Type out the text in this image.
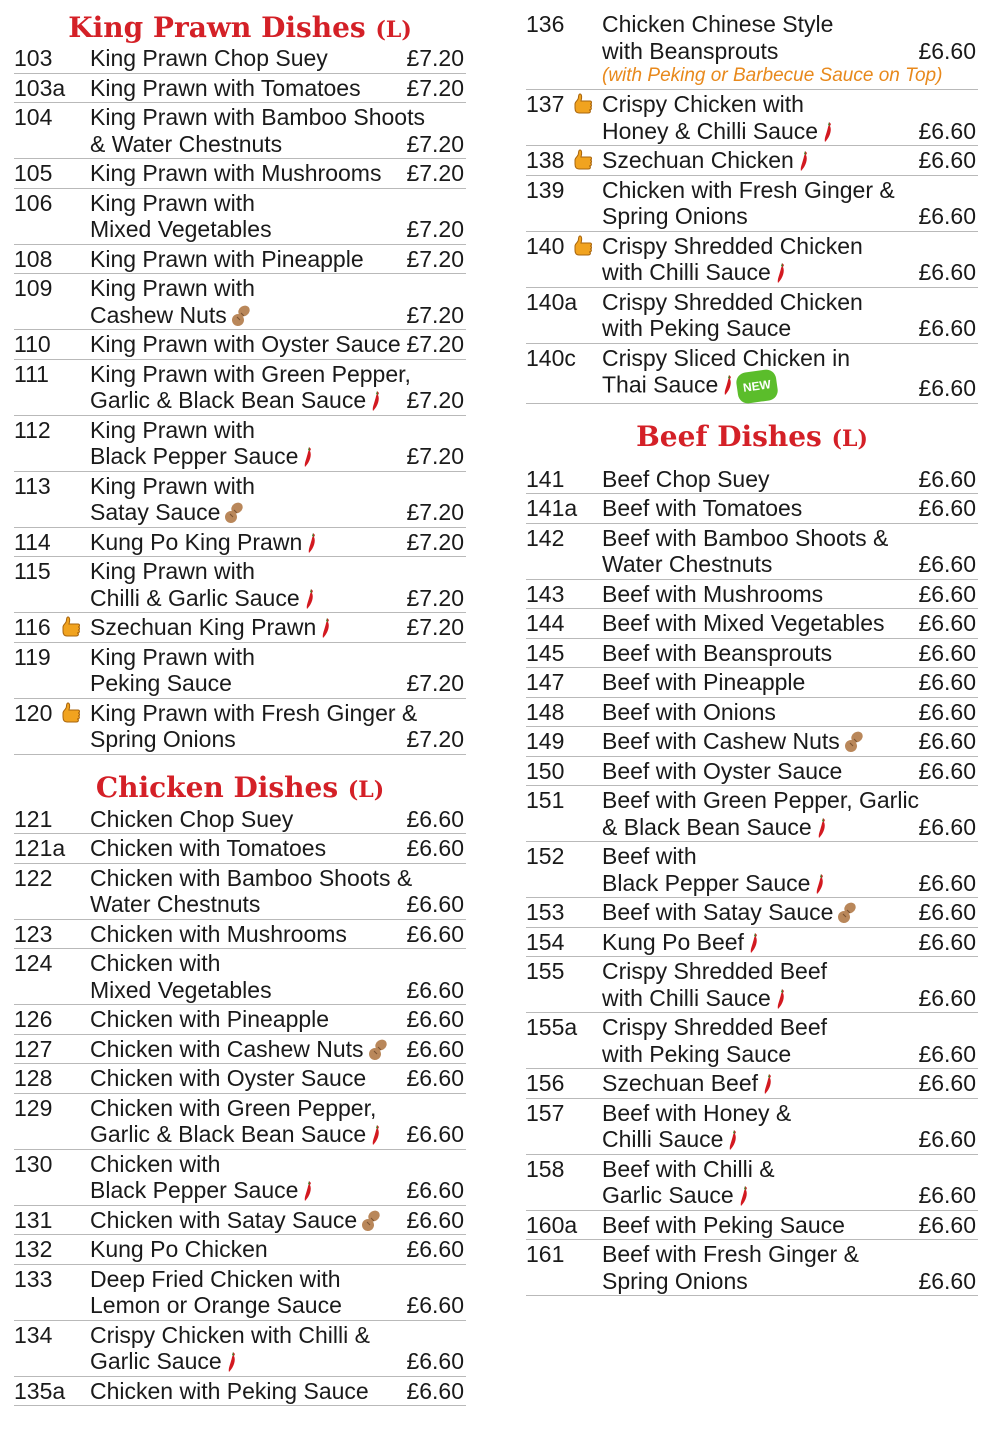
King Prawn Dishes (L)
103	King Prawn Chop Suey	£7.20
103a	King Prawn with Tomatoes	£7.20
104	King Prawn with Bamboo Shoots
& Water Chestnuts	£7.20
105	King Prawn with Mushrooms	£7.20
106	King Prawn with
Mixed Vegetables	£7.20
108	King Prawn with Pineapple	£7.20
109	King Prawn with
Cashew Nuts	£7.20
110	King Prawn with Oyster Sauce £7.20
111	King Prawn with Green Pepper,
Garlic & Black Bean Sauce	£7.20
112	King Prawn with
Black Pepper Sauce	£7.20
113	King Prawn with
Satay Sauce	£7.20
114	Kung Po King Prawn	£7.20
115	King Prawn with
Chilli & Garlic Sauce	£7.20
116	Szechuan King Prawn	£7.20
119	King Prawn with
Peking Sauce	£7.20
120	King Prawn with Fresh Ginger &
Spring Onions	£7.20
Chicken Dishes (L)
121	Chicken Chop Suey	£6.60
121a	Chicken with Tomatoes	£6.60
122	Chicken with Bamboo Shoots &
Water Chestnuts	£6.60
123	Chicken with Mushrooms	£6.60
124	Chicken with
Mixed Vegetables	£6.60
126	Chicken with Pineapple	£6.60
127	Chicken with Cashew Nuts	£6.60
128	Chicken with Oyster Sauce	£6.60
129	Chicken with Green Pepper,
Garlic & Black Bean Sauce	£6.60
130	Chicken with
Black Pepper Sauce	£6.60
131	Chicken with Satay Sauce	£6.60
132	Kung Po Chicken	£6.60
133	Deep Fried Chicken with
Lemon or Orange Sauce	£6.60
134	Crispy Chicken with Chilli &
Garlic Sauce	£6.60
135a	Chicken with Peking Sauce	£6.60
136	Chicken Chinese Style
with Beansprouts
(with Peking or Barbecue Sauce on Top)
£6.60
137	Crispy Chicken with
Honey & Chilli Sauce	£6.60
138	Szechuan Chicken	£6.60
139	Chicken with Fresh Ginger &
Spring Onions	£6.60
140	Crispy Shredded Chicken
with Chilli Sauce	£6.60
140a	Crispy Shredded Chicken
with Peking Sauce	£6.60
140c	Crispy Sliced Chicken in
Thai Sauce NEW	£6.60
Beef Dishes (L)
141	Beef Chop Suey	£6.60
141a	Beef with Tomatoes	£6.60
142	Beef with Bamboo Shoots &
Water Chestnuts	£6.60
143	Beef with Mushrooms	£6.60
144	Beef with Mixed Vegetables	£6.60
145	Beef with Beansprouts	£6.60
147	Beef with Pineapple	£6.60
148	Beef with Onions	£6.60
149	Beef with Cashew Nuts	£6.60
150	Beef with Oyster Sauce	£6.60
151	Beef with Green Pepper, Garlic
& Black Bean Sauce	£6.60
152	Beef with
Black Pepper Sauce	£6.60
153	Beef with Satay Sauce	£6.60
154	Kung Po Beef	£6.60
155	Crispy Shredded Beef
with Chilli Sauce	£6.60
155a	Crispy Shredded Beef
with Peking Sauce	£6.60
156	Szechuan Beef	£6.60
157	Beef with Honey &
Chilli Sauce	£6.60
158	Beef with Chilli &
Garlic Sauce	£6.60
160a	Beef with Peking Sauce	£6.60
161	Beef with Fresh Ginger &
Spring Onions	£6.60
